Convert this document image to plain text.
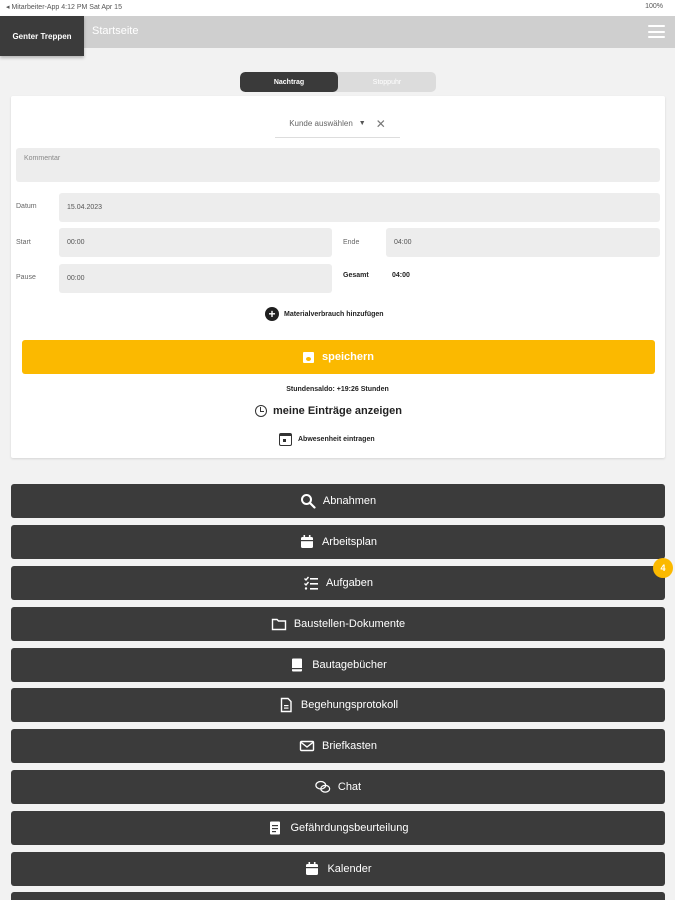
◂ Mitarbeiter-App 4:12 PM Sat Apr 15	100%
Genter Treppen	Startseite
Nachtrag	Stoppuhr
Kunde auswählen ▼ ✕
Kommentar
Datum	15.04.2023
Start	00:00	Ende	04:00
Pause	00:00	Gesamt	04:00
+	Materialverbrauch hinzufügen
speichern
Stundensaldo: +19:26 Stunden
meine Einträge anzeigen
Abwesenheit eintragen
Abnahmen
Arbeitsplan
Aufgaben
Baustellen-Dokumente
Bautagebücher
Begehungsprotokoll
Briefkasten
Chat
Gefährdungsbeurteilung
Kalender
4
